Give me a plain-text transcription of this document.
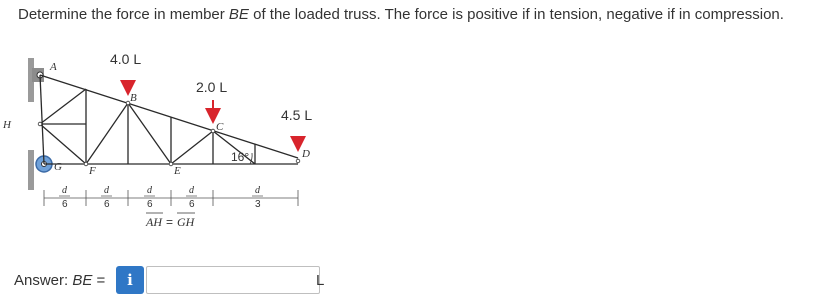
Determine the force in member BE of the loaded truss. The force is positive if in tension, negative if in compression.
A
B
C
D
E
F
G
H
4.0 L
2.0 L
4.5 L
16°
d
6
d
6
d
6
d
6
d
3
AH = GH
Answer: BE =	i	L
